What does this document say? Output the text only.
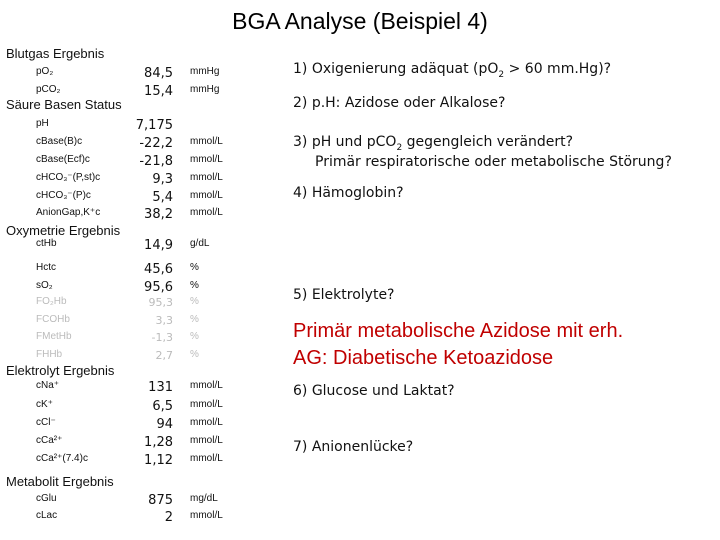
BGA Analyse (Beispiel 4)
Blutgas Ergebnis
Säure Basen Status
Oxymetrie Ergebnis
Elektrolyt Ergebnis
Metabolit Ergebnis
pO₂	84,5 mmHg
pCO₂	15,4 mmHg
pH	7,175
cBase(B)c	-22,2 mmol/L
cBase(Ecf)c	-21,8 mmol/L
cHCO₃⁻(P,st)c	9,3 mmol/L
cHCO₃⁻(P)c	5,4 mmol/L
AnionGap,K⁺c	38,2 mmol/L
ctHb	14,9 g/dL
Hctc	45,6 %
sO₂	95,6 %
FO₂Hb	95,3 %
FCOHb	3,3 %
FMetHb	-1,3 %
FHHb	2,7 %
cNa⁺	131 mmol/L
cK⁺	6,5 mmol/L
cCl⁻	94 mmol/L
cCa²⁺	1,28 mmol/L
cCa²⁺(7.4)c	1,12 mmol/L
cGlu	875 mg/dL
cLac	2 mmol/L
1) Oxigenierung adäquat ($pO_2 > 60$ mm.Hg)?
2) p.H: Azidose oder Alkalose?
3) pH und pCO$_2$ gegengleich verändert?
Primär respiratorische oder metabolische Störung?
4) Hämoglobin?
5) Elektrolyte?
Primär metabolische Azidose mit erh.
AG: Diabetische Ketoazidose
6) Glucose und Laktat?
7) Anionenlücke?
